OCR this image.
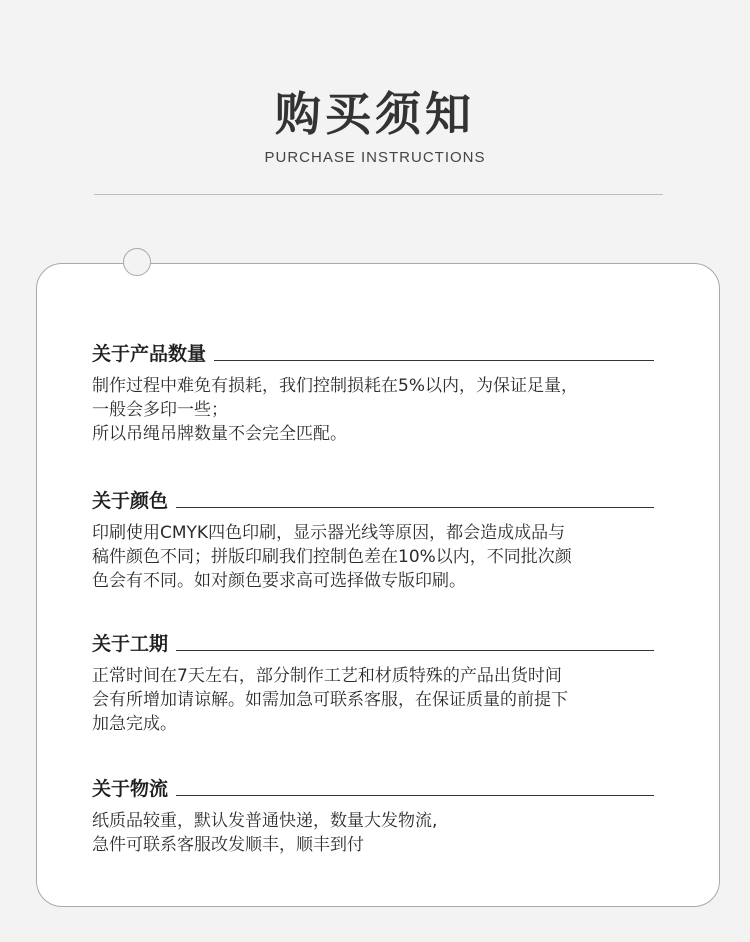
购买须知
PURCHASE INSTRUCTIONS
关于产品数量
制作过程中难免有损耗，我们控制损耗在5%以内，为保证足量，
一般会多印一些；
所以吊绳吊牌数量不会完全匹配。
关于颜色
印刷使用CMYK四色印刷，显示器光线等原因，都会造成成品与
稿件颜色不同；拼版印刷我们控制色差在10%以内，不同批次颜
色会有不同。如对颜色要求高可选择做专版印刷。
关于工期
正常时间在7天左右，部分制作工艺和材质特殊的产品出货时间
会有所增加请谅解。如需加急可联系客服，在保证质量的前提下
加急完成。
关于物流
纸质品较重，默认发普通快递，数量大发物流,
急件可联系客服改发顺丰，顺丰到付
